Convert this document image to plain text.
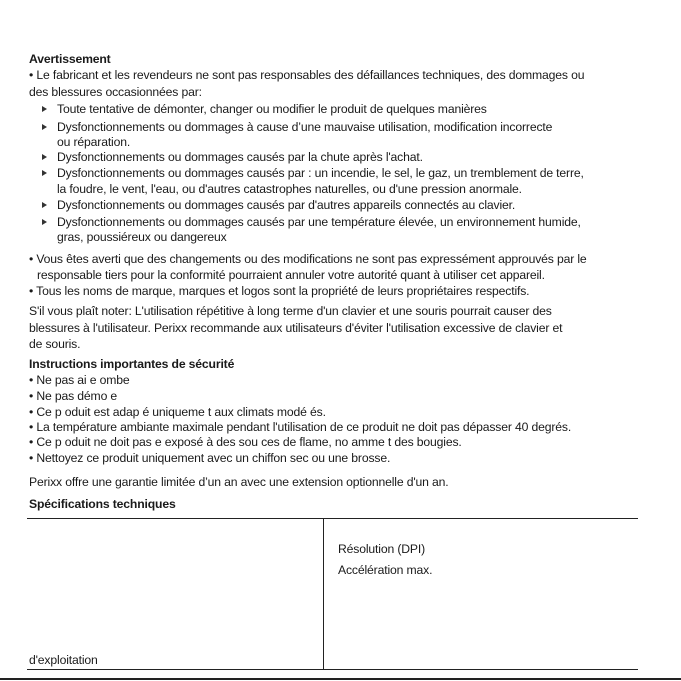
Avertissement
• Le fabricant et les revendeurs ne sont pas responsables des défaillances techniques, des dommages ou
des blessures occasionnées par:
Toute tentative de démonter, changer ou modifier le produit de quelques manières
Dysfonctionnements ou dommages à cause d’une mauvaise utilisation, modification incorrecte
ou réparation.
Dysfonctionnements ou dommages causés par la chute après l'achat.
Dysfonctionnements ou dommages causés par : un incendie, le sel, le gaz, un tremblement de terre,
la foudre, le vent, l'eau, ou d'autres catastrophes naturelles, ou d'une pression anormale.
Dysfonctionnements ou dommages causés par d'autres appareils connectés au clavier.
Dysfonctionnements ou dommages causés par une température élevée, un environnement humide,
gras, poussiéreux ou dangereux
• Vous êtes averti que des changements ou des modifications ne sont pas expressément approuvés par le
responsable tiers pour la conformité pourraient annuler votre autorité quant à utiliser cet appareil.
• Tous les noms de marque, marques et logos sont la propriété de leurs propriétaires respectifs.
S'il vous plaît noter: L'utilisation répétitive à long terme d'un clavier et une souris pourrait causer des
blessures à l'utilisateur. Perixx recommande aux utilisateurs d'éviter l'utilisation excessive de clavier et
de souris.
Instructions importantes de sécurité
• Ne pas ai e ombe
• Ne pas démo e
• Ce p oduit est adap é uniqueme t aux climats modé és.
• La température ambiante maximale pendant l'utilisation de ce produit ne doit pas dépasser 40 degrés.
• Ce p oduit ne doit pas e exposé à des sou ces de flame, no amme t des bougies.
• Nettoyez ce produit uniquement avec un chiffon sec ou une brosse.
Perixx offre une garantie limitée d’un an avec une extension optionnelle d'un an.
Spécifications techniques
Résolution (DPI)
Accélération max.
d'exploitation
